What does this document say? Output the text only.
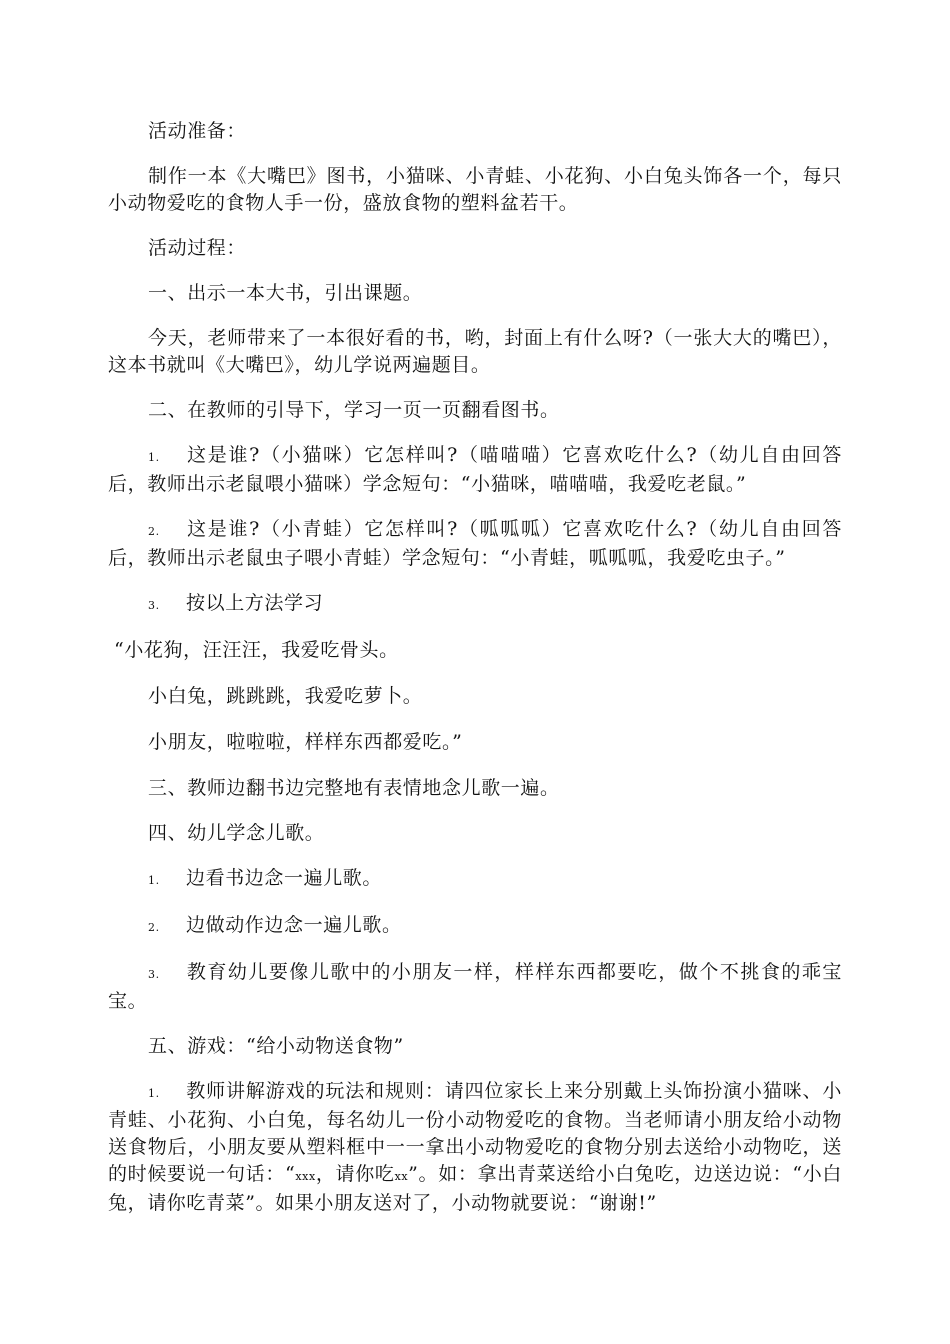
活动准备：

制作一本《大嘴巴》图书，小猫咪、小青蛙、小花狗、小白兔头饰各一个，每只小动物爱吃的食物人手一份，盛放食物的塑料盆若干。

活动过程：

一、出示一本大书，引出课题。

今天，老师带来了一本很好看的书，哟，封面上有什么呀?（一张大大的嘴巴），这本书就叫《大嘴巴》，幼儿学说两遍题目。

二、在教师的引导下，学习一页一页翻看图书。

1. 这是谁?（小猫咪）它怎样叫?（喵喵喵）它喜欢吃什么?（幼儿自由回答后，教师出示老鼠喂小猫咪）学念短句：“小猫咪，喵喵喵，我爱吃老鼠。”

2. 这是谁?（小青蛙）它怎样叫?（呱呱呱）它喜欢吃什么?（幼儿自由回答后，教师出示老鼠虫子喂小青蛙）学念短句：“小青蛙，呱呱呱，我爱吃虫子。”

3. 按以上方法学习

“小花狗，汪汪汪，我爱吃骨头。

小白兔，跳跳跳，我爱吃萝卜。

小朋友，啦啦啦，样样东西都爱吃。”

三、教师边翻书边完整地有表情地念儿歌一遍。

四、幼儿学念儿歌。

1. 边看书边念一遍儿歌。

2. 边做动作边念一遍儿歌。

3. 教育幼儿要像儿歌中的小朋友一样，样样东西都要吃，做个不挑食的乖宝宝。

五、游戏：“给小动物送食物”

1. 教师讲解游戏的玩法和规则：请四位家长上来分别戴上头饰扮演小猫咪、小青蛙、小花狗、小白兔，每名幼儿一份小动物爱吃的食物。当老师请小朋友给小动物送食物后，小朋友要从塑料框中一一拿出小动物爱吃的食物分别去送给小动物吃，送的时候要说一句话：“xxx，请你吃xx”。如：拿出青菜送给小白兔吃，边送边说：“小白兔，请你吃青菜”。如果小朋友送对了，小动物就要说：“谢谢!”
